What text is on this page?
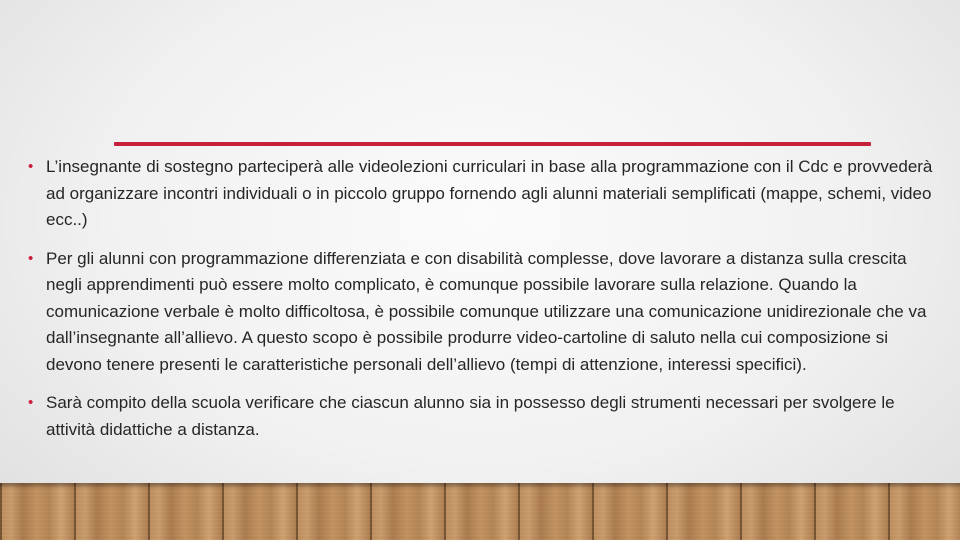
• L’insegnante di sostegno parteciperà alle videolezioni curriculari in base alla programmazione con il Cdc e provvederà ad organizzare incontri individuali o in piccolo gruppo fornendo agli alunni materiali semplificati (mappe, schemi, video ecc..)
• Per gli alunni con programmazione differenziata e con disabilità complesse, dove lavorare a distanza sulla crescita negli apprendimenti può essere molto complicato, è comunque possibile lavorare sulla relazione. Quando la comunicazione verbale è molto difficoltosa, è possibile comunque utilizzare una comunicazione unidirezionale che va dall’insegnante all’allievo. A questo scopo è possibile produrre video-cartoline di saluto nella cui composizione si devono tenere presenti le caratteristiche personali dell’allievo (tempi di attenzione, interessi specifici).
• Sarà compito della scuola verificare che ciascun alunno sia in possesso degli strumenti necessari per svolgere le attività didattiche a distanza.
